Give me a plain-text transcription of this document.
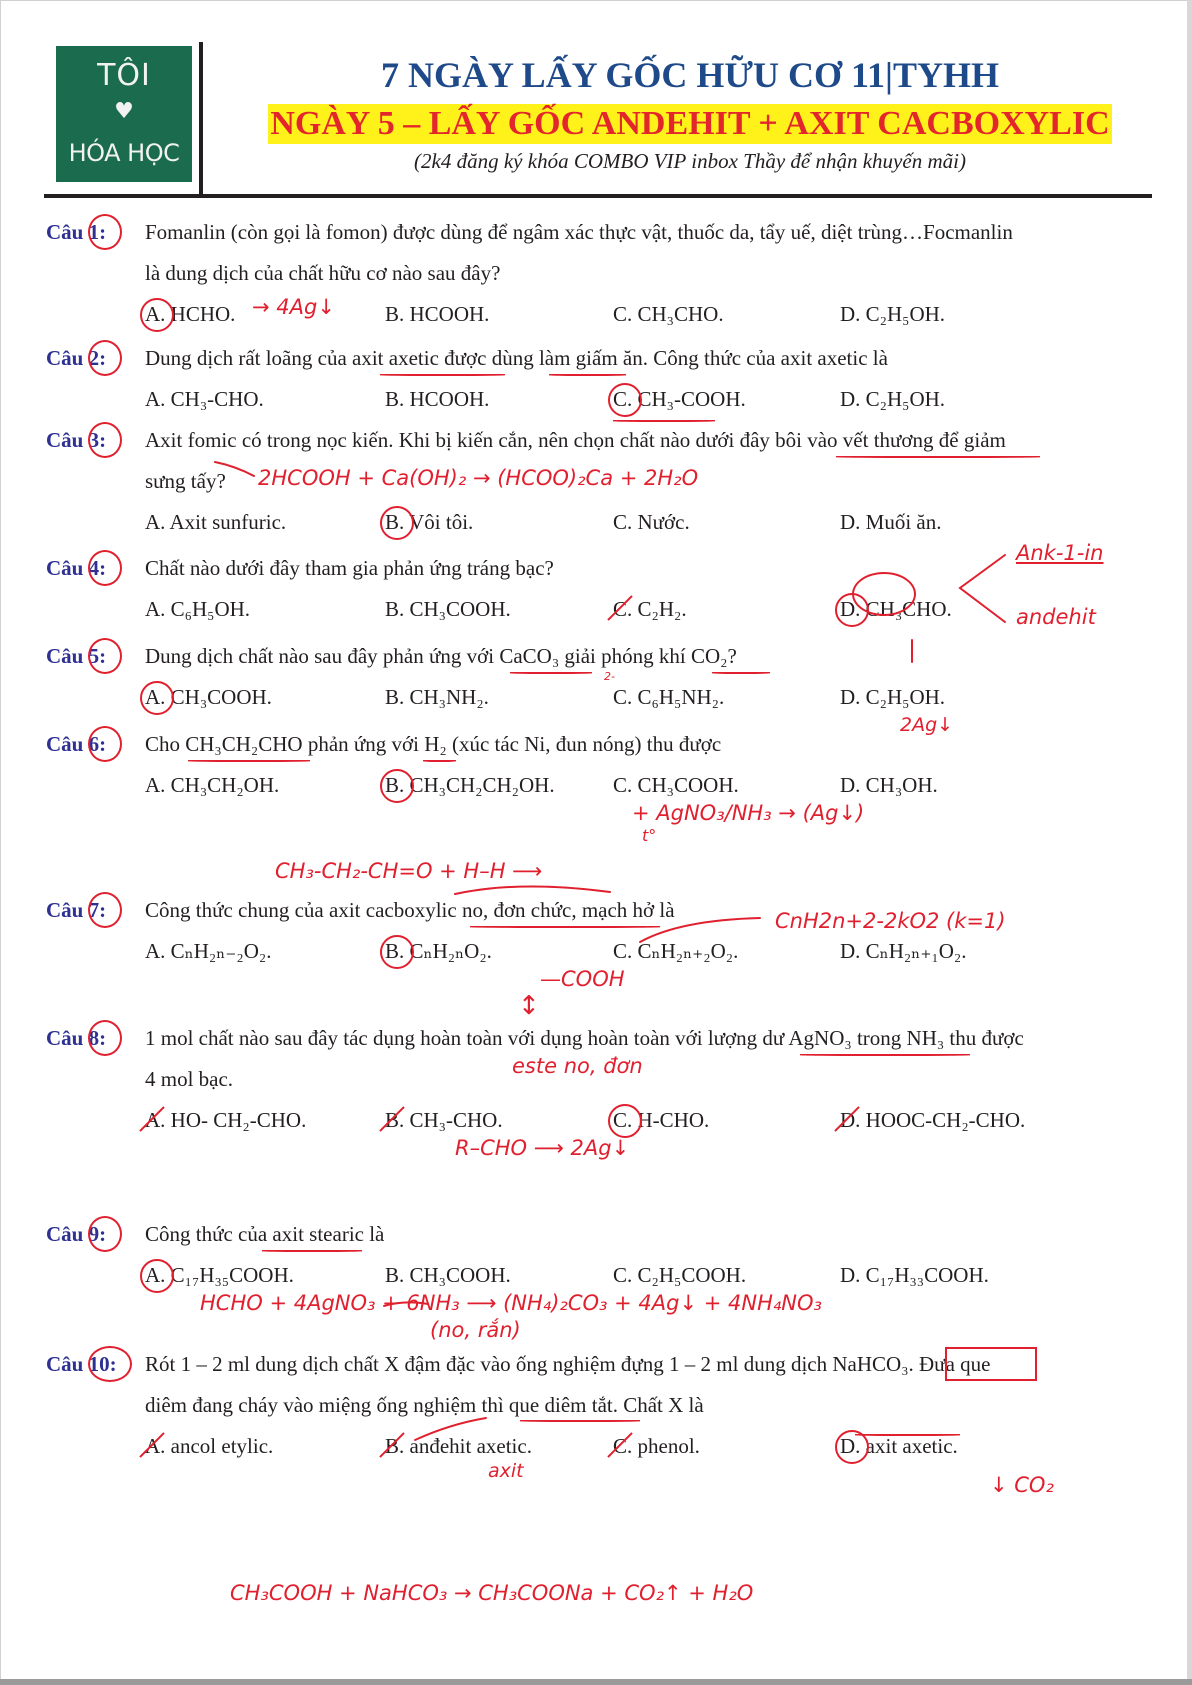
TÔI
♥
HÓA HỌC
7 NGÀY LẤY GỐC HỮU CƠ 11|TYHH
NGÀY 5 – LẤY GỐC ANDEHIT + AXIT CACBOXYLIC
(2k4 đăng ký khóa COMBO VIP inbox Thầy để nhận khuyến mãi)
Câu 1: Fomanlin (còn gọi là fomon) được dùng để ngâm xác thực vật, thuốc da, tẩy uế, diệt trùng…Focmanlin
là dung dịch của chất hữu cơ nào sau đây?
A. HCHO.	B. HCOOH.	C. CH₃CHO.	D. C₂H₅OH.
Câu 2: Dung dịch rất loãng của axit axetic được dùng làm giấm ăn. Công thức của axit axetic là
A. CH₃-CHO.	B. HCOOH.	C. CH₃-COOH.	D. C₂H₅OH.
Câu 3: Axit fomic có trong nọc kiến. Khi bị kiến cắn, nên chọn chất nào dưới đây bôi vào vết thương để giảm
sưng tấy?
A. Axit sunfuric.	B. Vôi tôi.	C. Nước.	D. Muối ăn.
Câu 4: Chất nào dưới đây tham gia phản ứng tráng bạc?
A. C₆H₅OH.	B. CH₃COOH.	C. C₂H₂.	D. CH₃CHO.
Câu 5: Dung dịch chất nào sau đây phản ứng với CaCO₃ giải phóng khí CO₂?
A. CH₃COOH.	B. CH₃NH₂.	C. C₆H₅NH₂.	D. C₂H₅OH.
Câu 6: Cho CH₃CH₂CHO phản ứng với H₂ (xúc tác Ni, đun nóng) thu được
A. CH₃CH₂OH.	B. CH₃CH₂CH₂OH.	C. CH₃COOH.	D. CH₃OH.
Câu 7: Công thức chung của axit cacboxylic no, đơn chức, mạch hở là
A. CₙH₂ₙ₋₂O₂.	B. CₙH₂ₙO₂.	C. CₙH₂ₙ₊₂O₂.	D. CₙH₂ₙ₊₁O₂.
Câu 8: 1 mol chất nào sau đây tác dụng hoàn toàn với dụng hoàn toàn với lượng dư AgNO₃ trong NH₃ thu được
4 mol bạc.
A. HO- CH₂-CHO.	B. CH₃-CHO.	C. H-CHO.	D. HOOC-CH₂-CHO.
Câu 9: Công thức của axit stearic là
A. C₁₇H₃₅COOH.	B. CH₃COOH.	C. C₂H₅COOH.	D. C₁₇H₃₃COOH.
Câu 10: Rót 1 – 2 ml dung dịch chất X đậm đặc vào ống nghiệm đựng 1 – 2 ml dung dịch NaHCO₃. Đưa que
diêm đang cháy vào miệng ống nghiệm thì que diêm tắt. Chất X là
A. ancol etylic.	B. anđehit axetic.	C. phenol.	D. axit axetic.
→ 4Ag↓
2HCOOH + Ca(OH)₂ → (HCOO)₂Ca + 2H₂O
+ AgNO₃/NH₃ → (Ag↓)
Ank-1-in
andehit
2Ag↓
2-
t°
CH₃-CH₂-CH=O + H–H ⟶
—COOH
CnH2n+2-2kO2 (k=1)
↕
este no, đơn
R–CHO ⟶ 2Ag↓
HCHO + 4AgNO₃ + 6NH₃ ⟶ (NH₄)₂CO₃ + 4Ag↓ + 4NH₄NO₃
(no, rắn)
axit
↓ CO₂
CH₃COOH + NaHCO₃ → CH₃COONa + CO₂↑ + H₂O
